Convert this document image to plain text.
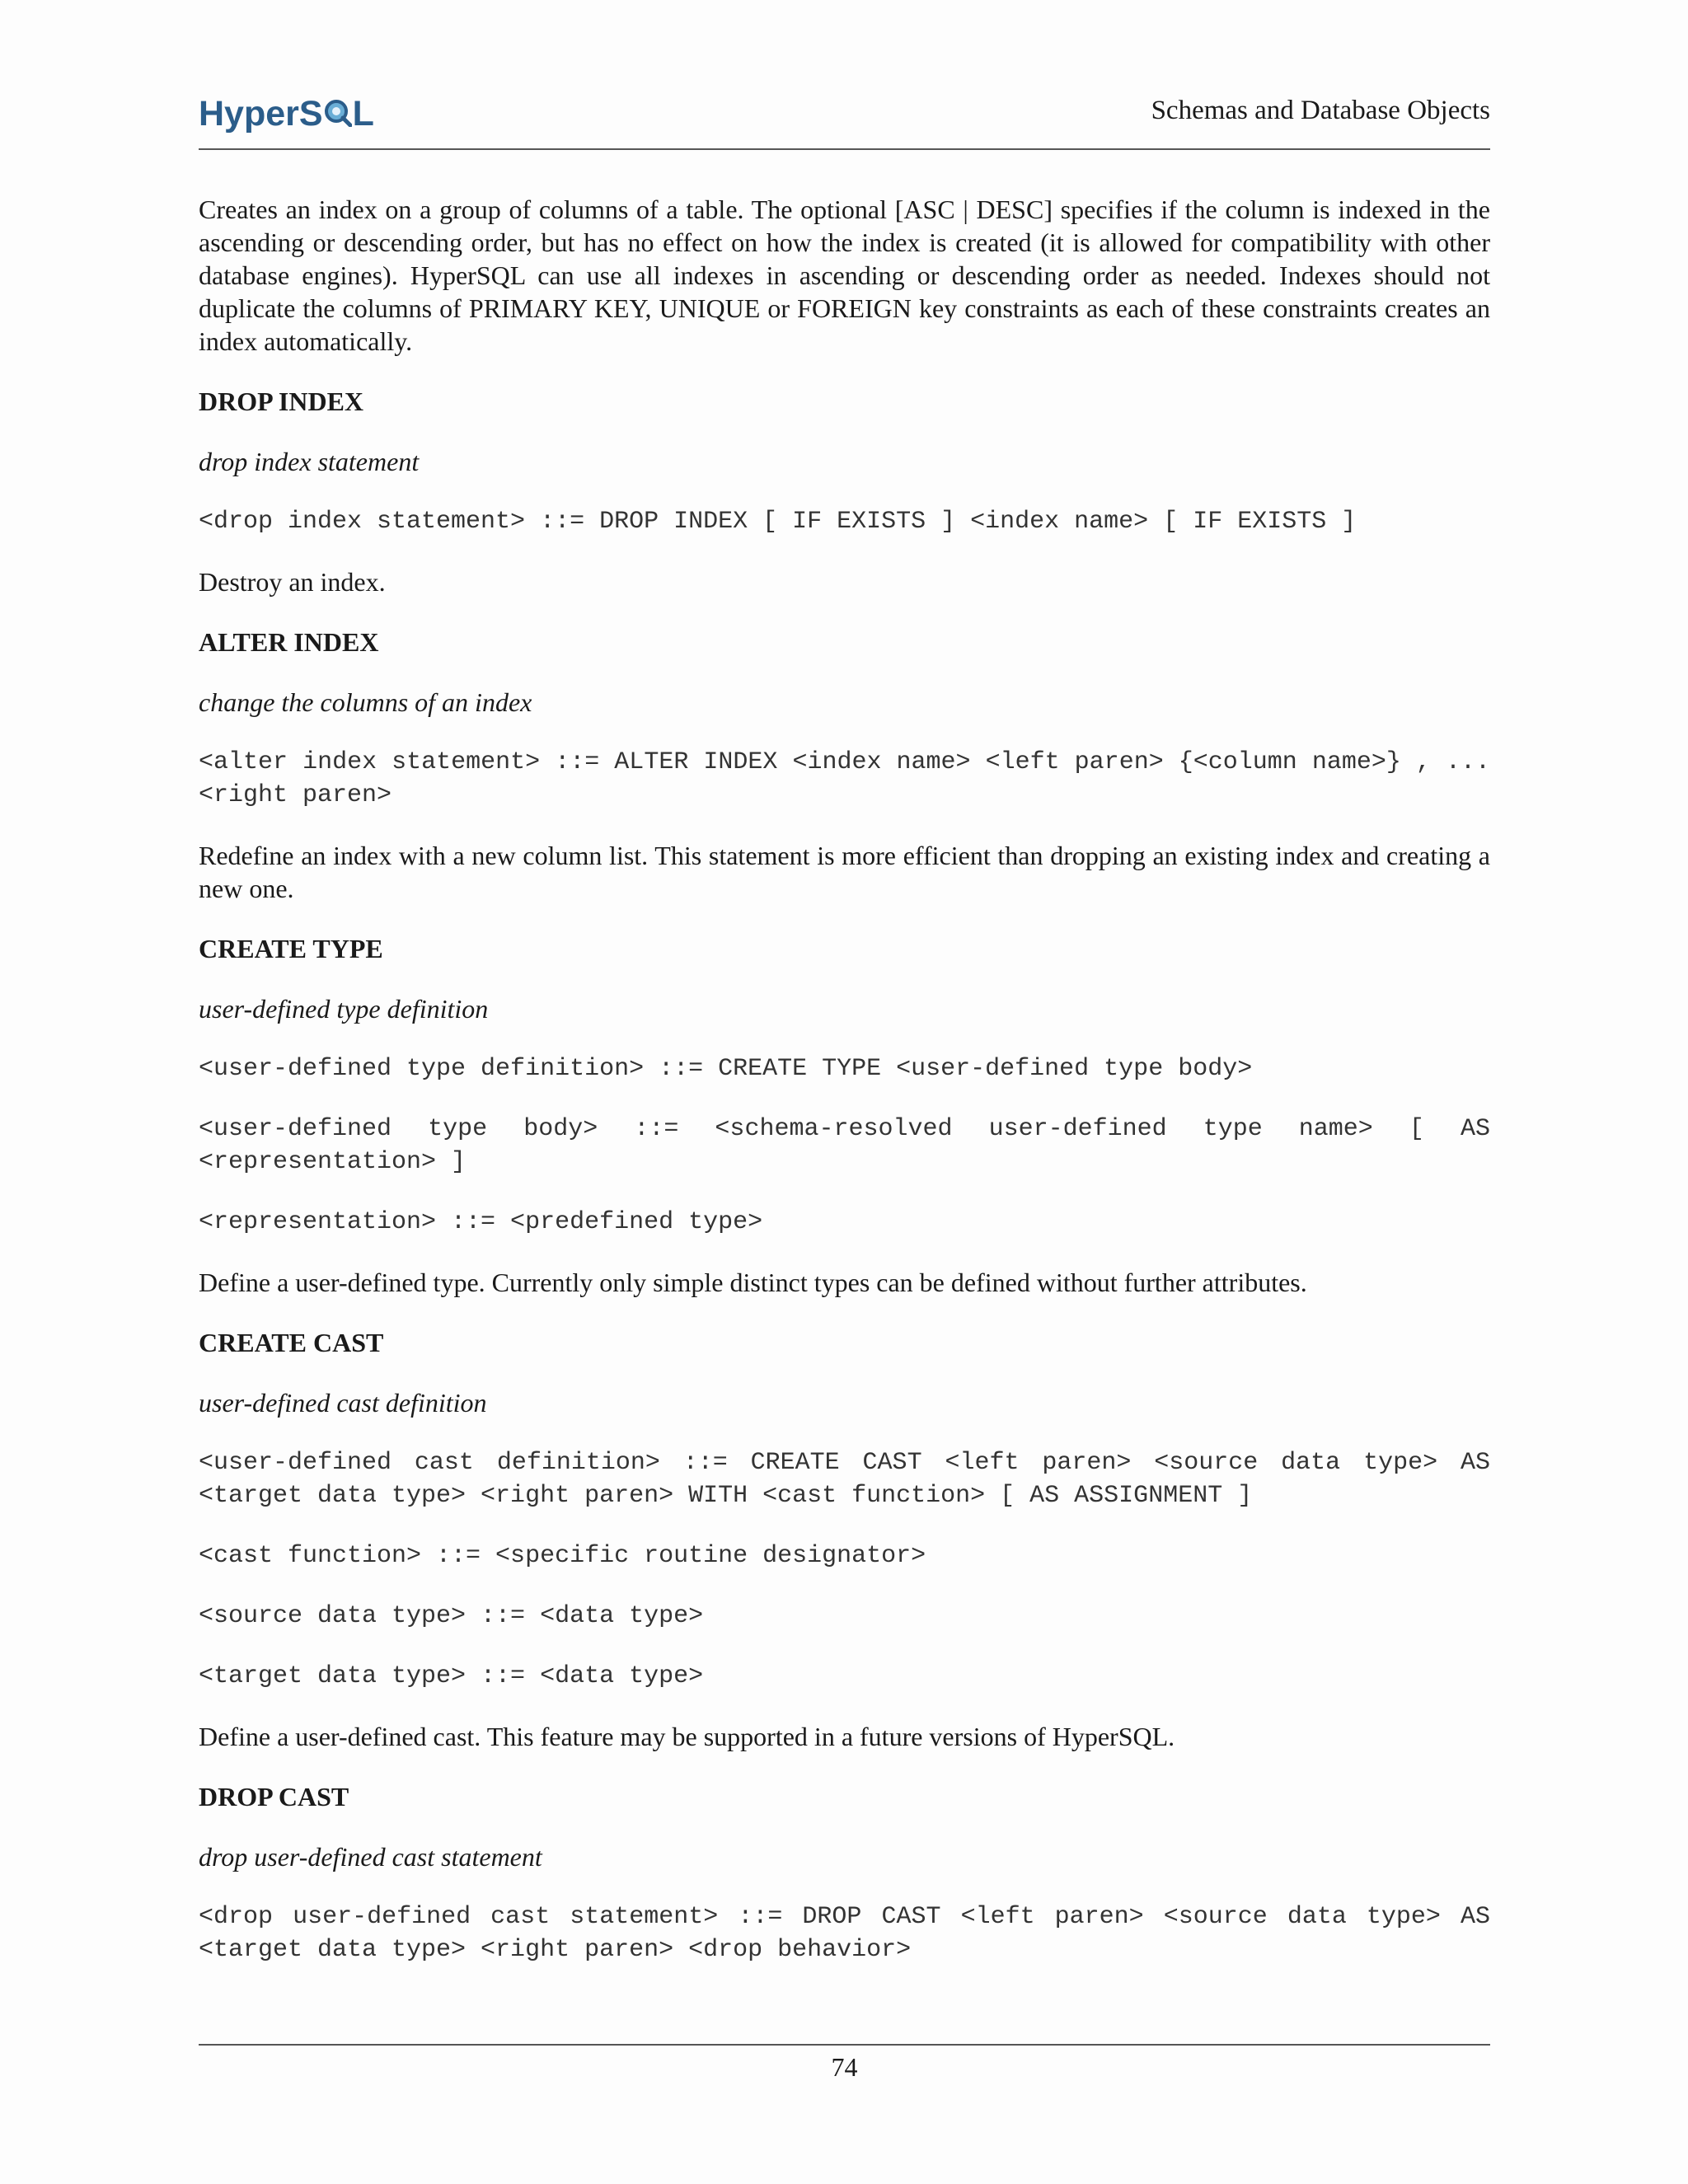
HyperS L	Schemas and Database Objects

Creates an index on a group of columns of a table. The optional [ASC | DESC] specifies if the column is indexed in the ascending or descending order, but has no effect on how the index is created (it is allowed for compatibility with other database engines). HyperSQL can use all indexes in ascending or descending order as needed. Indexes should not duplicate the columns of PRIMARY KEY, UNIQUE or FOREIGN key constraints as each of these constraints creates an index automatically.

DROP INDEX
drop index statement
<drop index statement> ::= DROP INDEX [ IF EXISTS ] <index name> [ IF EXISTS ]

Destroy an index.

ALTER INDEX
change the columns of an index
<alter index statement> ::= ALTER INDEX <index name> <left paren> {<column name>} , ... <right paren>

Redefine an index with a new column list. This statement is more efficient than dropping an existing index and creating a new one.

CREATE TYPE
user-defined type definition
<user-defined type definition> ::= CREATE TYPE <user-defined type body>
<user-defined type body> ::= <schema-resolved user-defined type name> [ AS <representation> ]
<representation> ::= <predefined type>

Define a user-defined type. Currently only simple distinct types can be defined without further attributes.

CREATE CAST
user-defined cast definition
<user-defined cast definition> ::= CREATE CAST <left paren> <source data type> AS <target data type> <right paren> WITH <cast function> [ AS ASSIGNMENT ]
<cast function> ::= <specific routine designator>
<source data type> ::= <data type>
<target data type> ::= <data type>

Define a user-defined cast. This feature may be supported in a future versions of HyperSQL.

DROP CAST
drop user-defined cast statement
<drop user-defined cast statement> ::= DROP CAST <left paren> <source data type> AS <target data type> <right paren> <drop behavior>
74
